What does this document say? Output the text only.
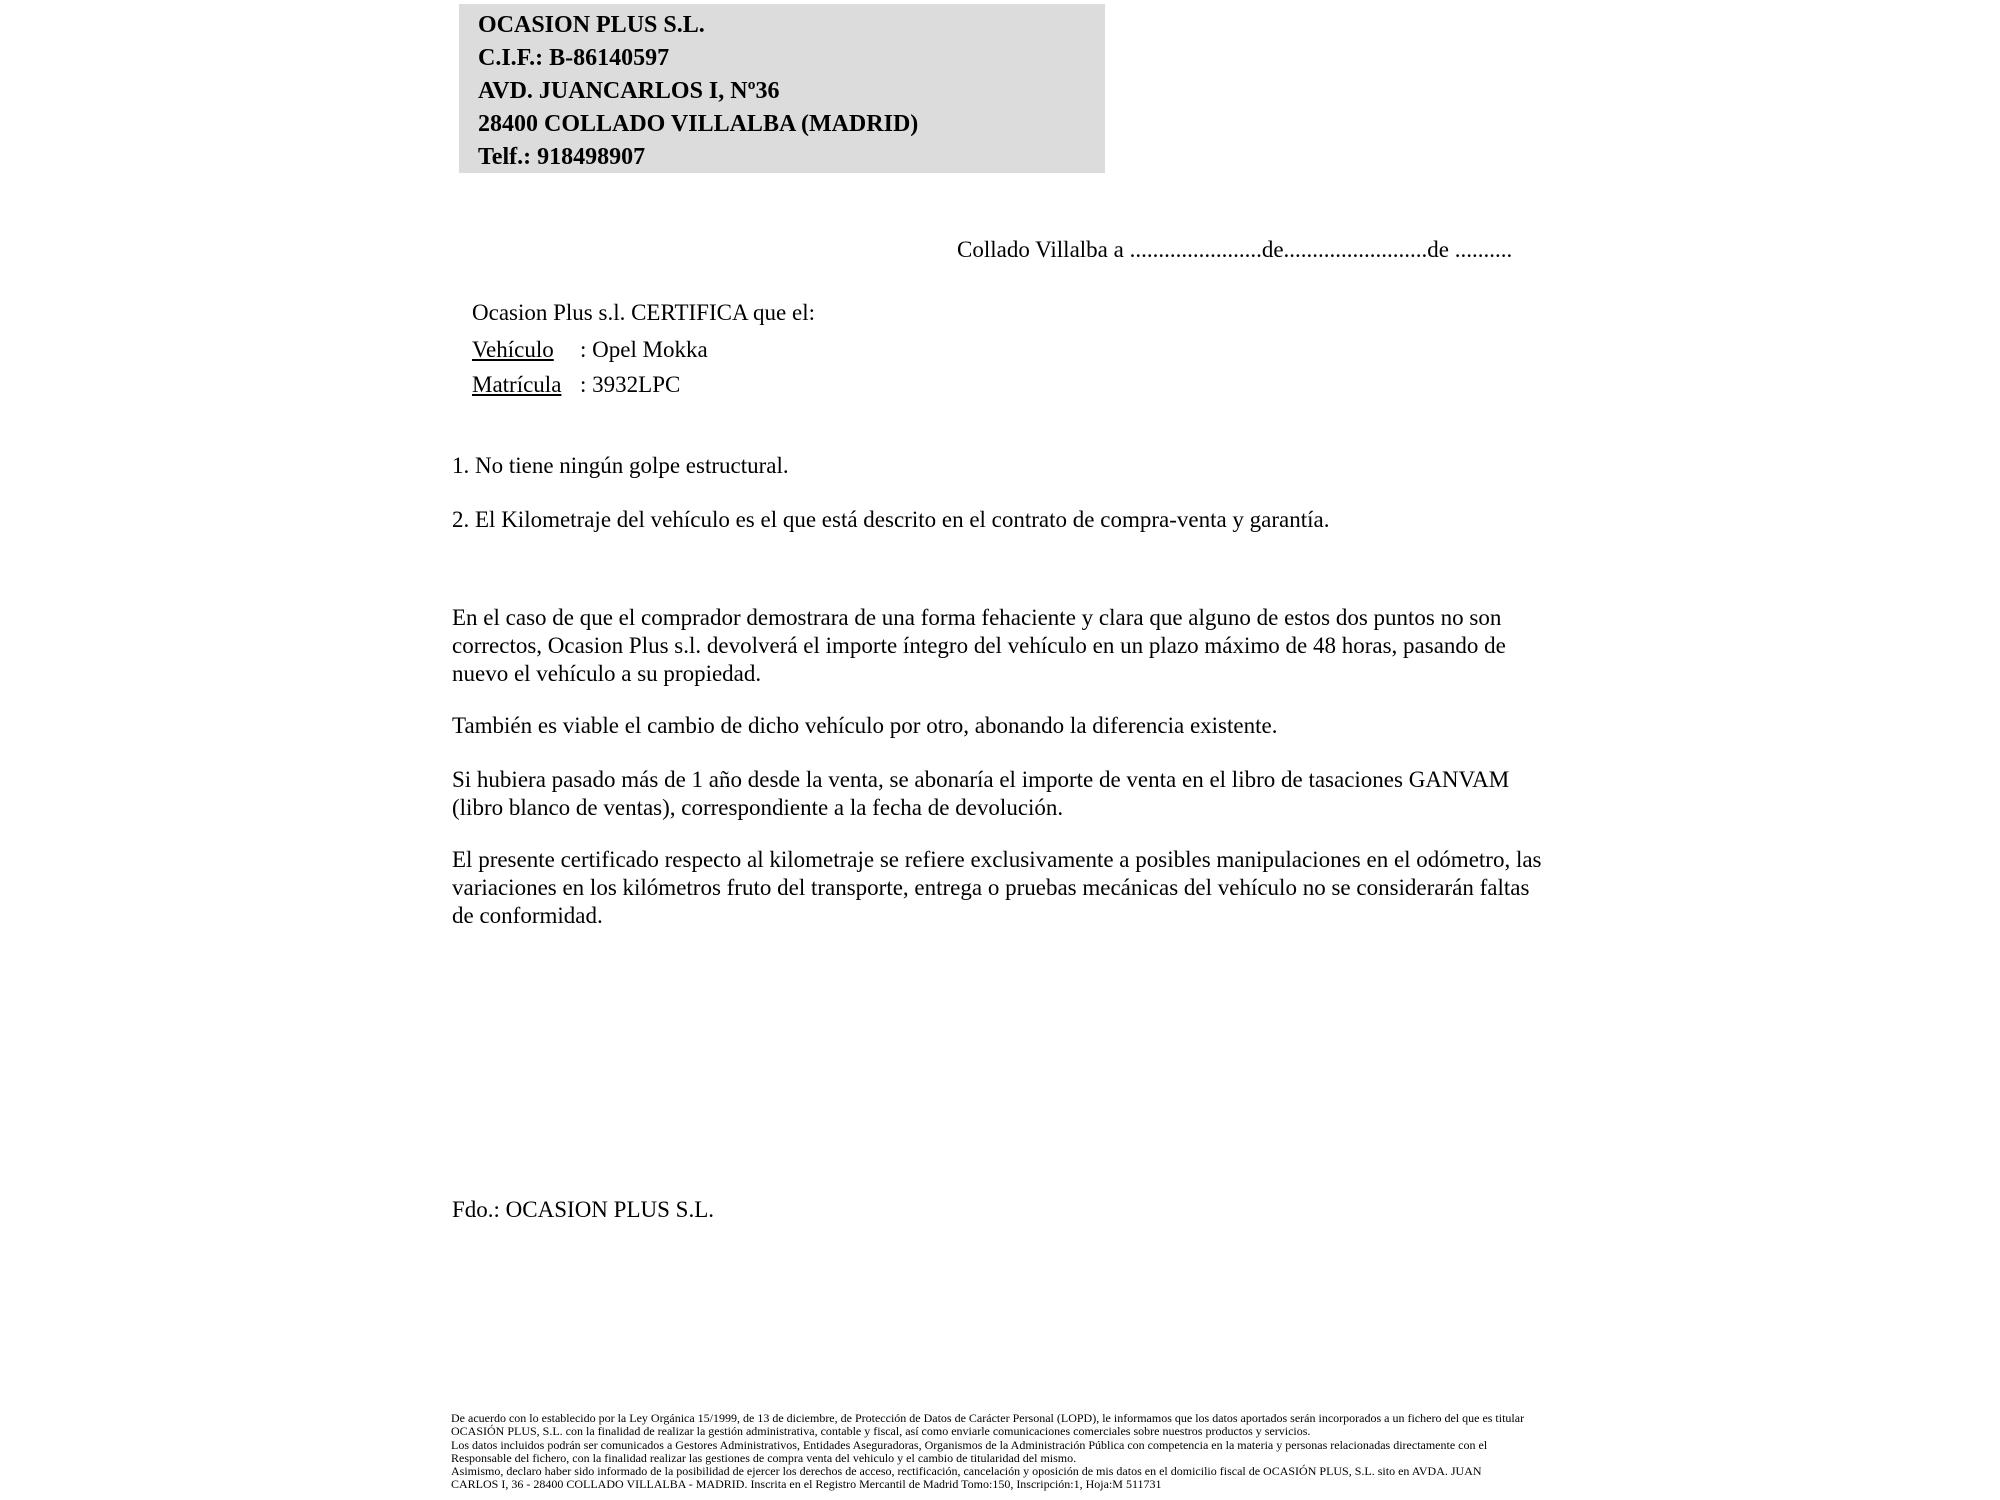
OCASION PLUS S.L.
C.I.F.: B-86140597
AVD. JUANCARLOS I, Nº36
28400 COLLADO VILLALBA (MADRID)
Telf.: 918498907
Collado Villalba a .......................de.........................de ..........
Ocasion Plus s.l. CERTIFICA que el:
Vehículo : Opel Mokka
Matrícula : 3932LPC
1. No tiene ningún golpe estructural.
2. El Kilometraje del vehículo es el que está descrito en el contrato de compra-venta y garantía.
En el caso de que el comprador demostrara de una forma fehaciente y clara que alguno de estos dos puntos no son correctos, Ocasion Plus s.l. devolverá el importe íntegro del vehículo en un plazo máximo de 48 horas, pasando de nuevo el vehículo a su propiedad.
También es viable el cambio de dicho vehículo por otro, abonando la diferencia existente.
Si hubiera pasado más de 1 año desde la venta, se abonaría el importe de venta en el libro de tasaciones GANVAM (libro blanco de ventas), correspondiente a la fecha de devolución.
El presente certificado respecto al kilometraje se refiere exclusivamente a posibles manipulaciones en el odómetro, las variaciones en los kilómetros fruto del transporte, entrega o pruebas mecánicas del vehículo no se considerarán faltas de conformidad.
Fdo.: OCASION PLUS S.L.
De acuerdo con lo establecido por la Ley Orgánica 15/1999, de 13 de diciembre, de Protección de Datos de Carácter Personal (LOPD), le informamos que los datos aportados serán incorporados a un fichero del que es titular
OCASIÓN PLUS, S.L. con la finalidad de realizar la gestión administrativa, contable y fiscal, así como enviarle comunicaciones comerciales sobre nuestros productos y servicios.
Los datos incluidos podrán ser comunicados a Gestores Administrativos, Entidades Aseguradoras, Organismos de la Administración Pública con competencia en la materia y personas relacionadas directamente con el
Responsable del fichero, con la finalidad realizar las gestiones de compra venta del vehiculo y el cambio de titularidad del mismo.
Asimismo, declaro haber sido informado de la posibilidad de ejercer los derechos de acceso, rectificación, cancelación y oposición de mis datos en el domicilio fiscal de OCASIÓN PLUS, S.L. sito en AVDA. JUAN
CARLOS I, 36 - 28400 COLLADO VILLALBA - MADRID. Inscrita en el Registro Mercantil de Madrid Tomo:150, Inscripción:1, Hoja:M 511731
